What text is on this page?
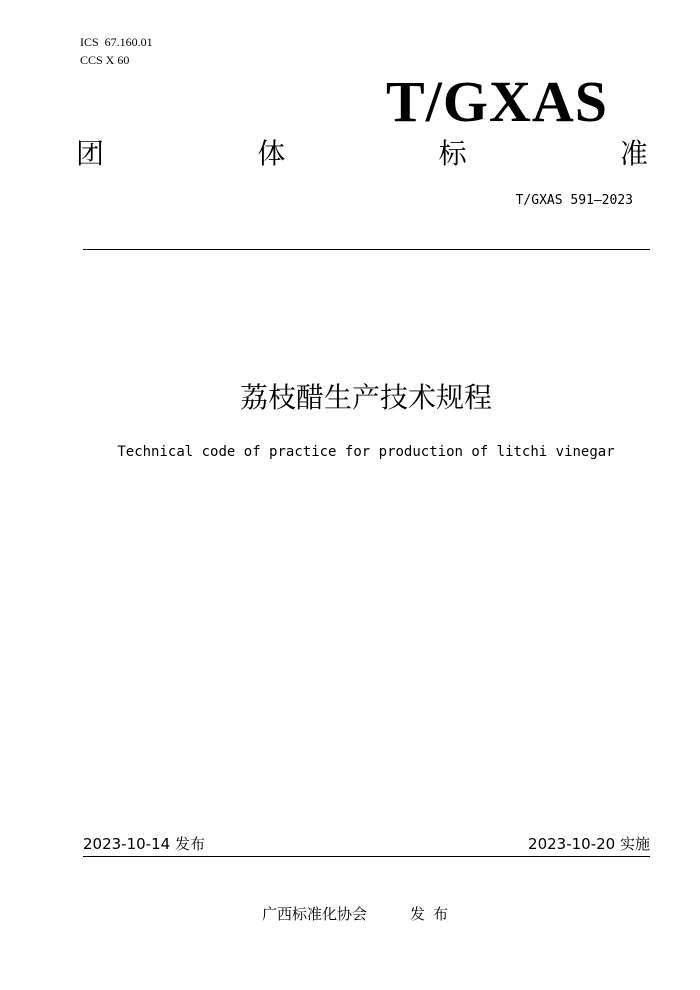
ICS  67.160.01
CCS X 60
T/GXAS
团	体	标	准
T/GXAS 591—2023
荔枝醋生产技术规程
Technical code of practice for production of litchi vinegar
2023-10-14 发布	2023-10-20 实施
广西标准化协会	发布
